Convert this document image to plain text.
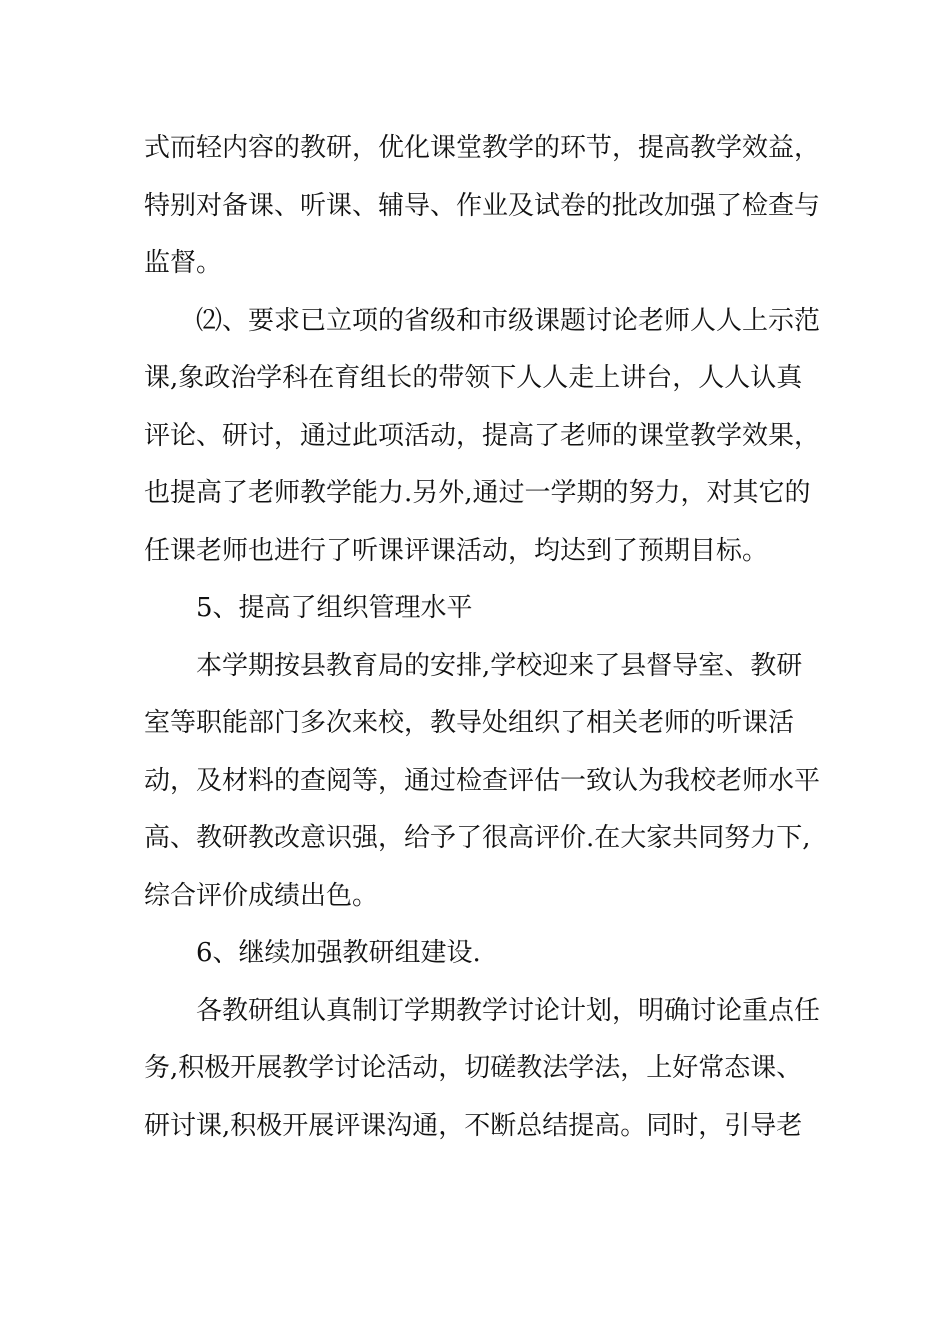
式而轻内容的教研，优化课堂教学的环节，提高教学效益，特别对备课、听课、辅导、作业及试卷的批改加强了检查与监督。

⑵、要求已立项的省级和市级课题讨论老师人人上示范课,象政治学科在育组长的带领下人人走上讲台，人人认真评论、研讨，通过此项活动，提高了老师的课堂教学效果，也提高了老师教学能力.另外,通过一学期的努力，对其它的任课老师也进行了听课评课活动，均达到了预期目标。

5、提高了组织管理水平

本学期按县教育局的安排,学校迎来了县督导室、教研室等职能部门多次来校，教导处组织了相关老师的听课活动，及材料的查阅等，通过检查评估一致认为我校老师水平高、教研教改意识强，给予了很高评价.在大家共同努力下,综合评价成绩出色。

6、继续加强教研组建设.

各教研组认真制订学期教学讨论计划，明确讨论重点任务,积极开展教学讨论活动，切磋教法学法，上好常态课、研讨课,积极开展评课沟通，不断总结提高。同时，引导老
